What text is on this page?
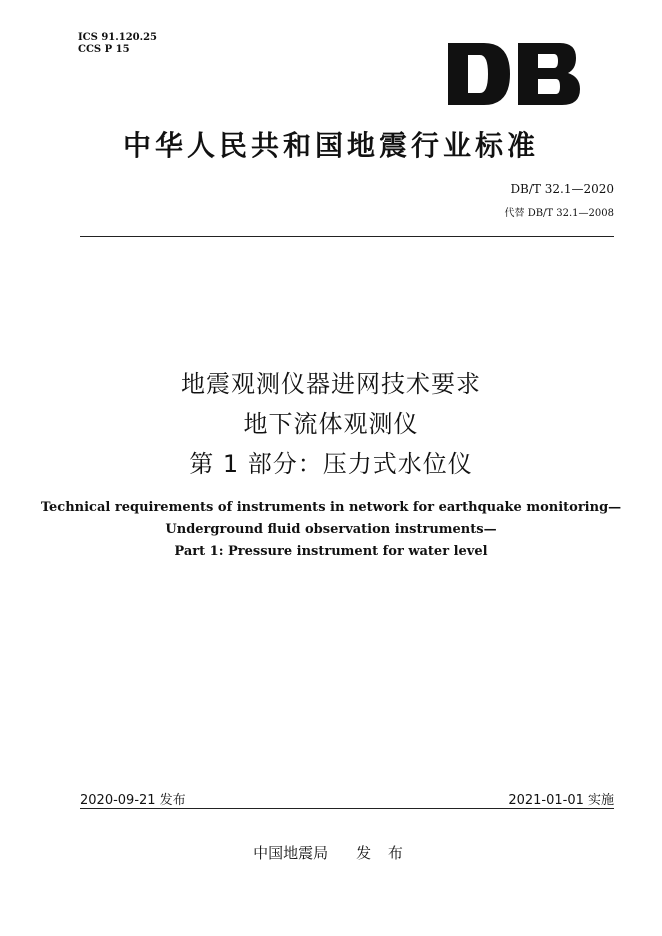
ICS 91.120.25
CCS P 15
中华人民共和国地震行业标准
DB/T 32.1—2020
代替 DB/T 32.1—2008
地震观测仪器进网技术要求
地下流体观测仪
第 1 部分：压力式水位仪
Technical requirements of instruments in network for earthquake monitoring—
Underground fluid observation instruments—
Part 1: Pressure instrument for water level
2020-09-21 发布	2021-01-01 实施
中国地震局 发 布
